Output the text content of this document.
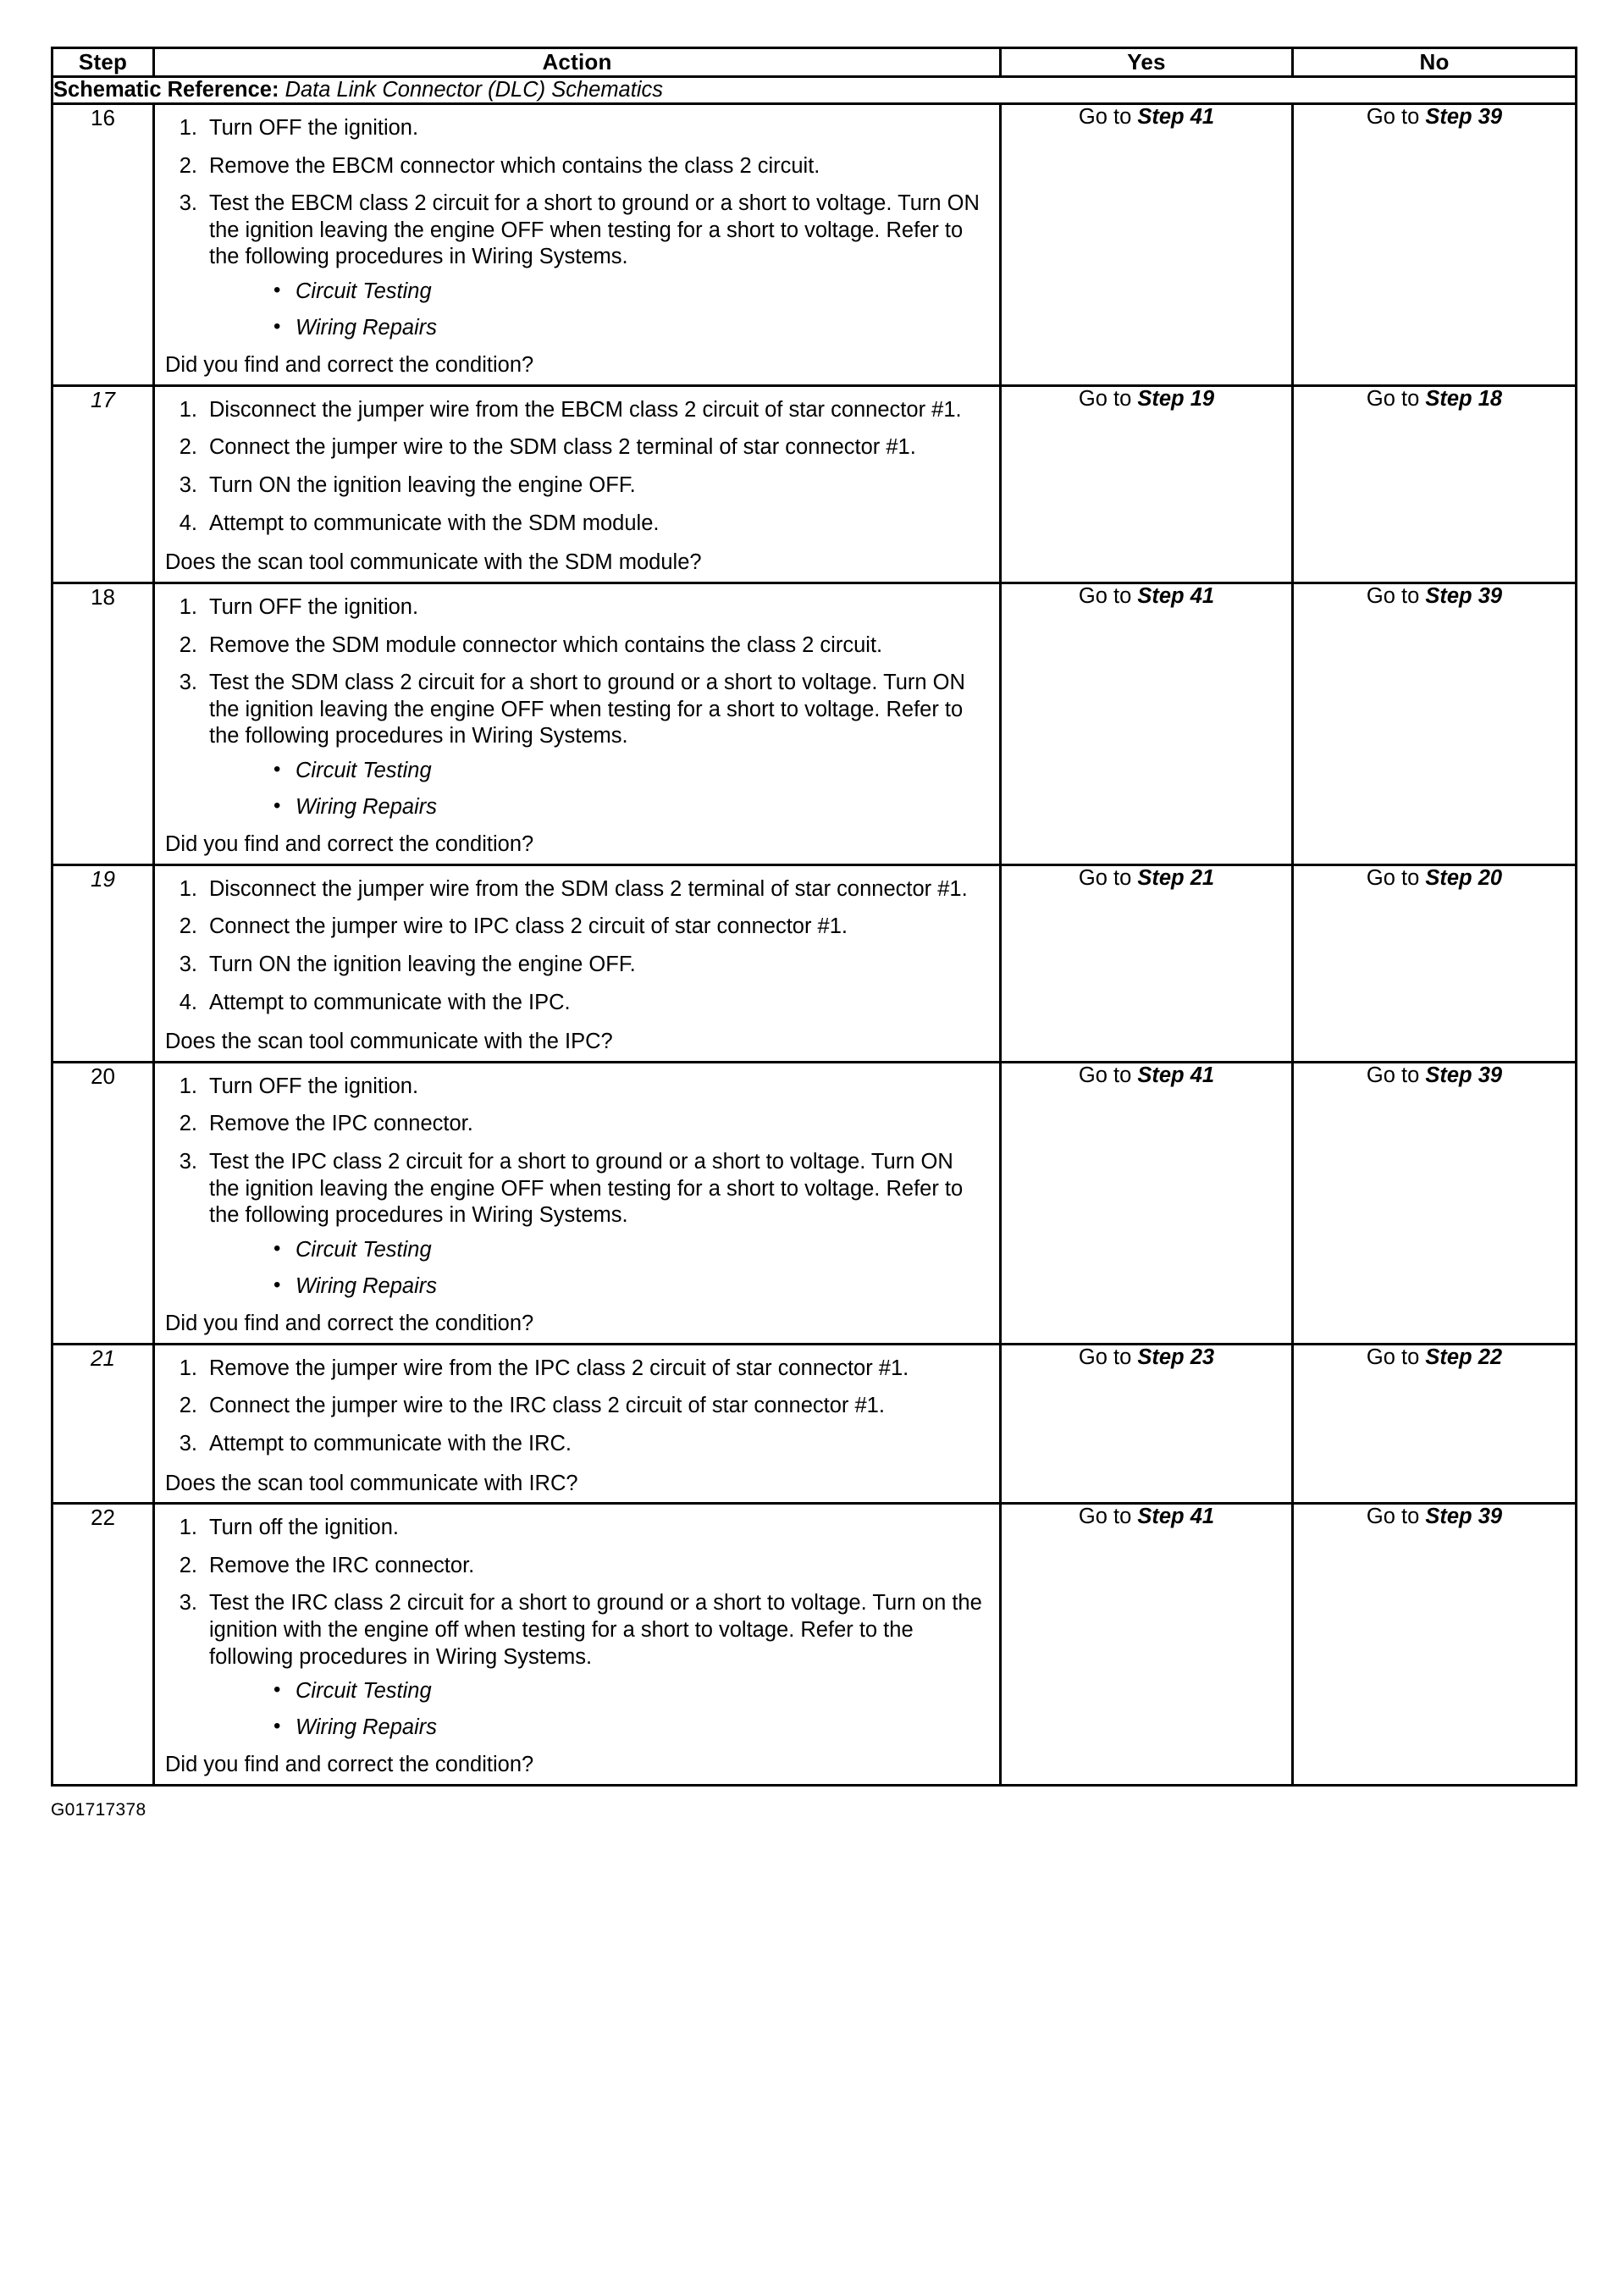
Step	Action	Yes	No
Schematic Reference: Data Link Connector (DLC) Schematics			
16	1. Turn OFF the ignition.
2. Remove the EBCM connector which contains the class 2 circuit.
3. Test the EBCM class 2 circuit for a short to ground or a short to voltage. Turn ON the ignition leaving the engine OFF when testing for a short to voltage. Refer to the following procedures in Wiring Systems.
• Circuit Testing
• Wiring Repairs
Did you find and correct the condition?

Go to Step 41	Go to Step 39

17	1. Disconnect the jumper wire from the EBCM class 2 circuit of star connector #1.
2. Connect the jumper wire to the SDM class 2 terminal of star connector #1.
3. Turn ON the ignition leaving the engine OFF.
4. Attempt to communicate with the SDM module.
Does the scan tool communicate with the SDM module?

Go to Step 19	Go to Step 18

18	1. Turn OFF the ignition.
2. Remove the SDM module connector which contains the class 2 circuit.
3. Test the SDM class 2 circuit for a short to ground or a short to voltage. Turn ON the ignition leaving the engine OFF when testing for a short to voltage. Refer to the following procedures in Wiring Systems.
• Circuit Testing
• Wiring Repairs
Did you find and correct the condition?

Go to Step 41	Go to Step 39

19	1. Disconnect the jumper wire from the SDM class 2 terminal of star connector #1.
2. Connect the jumper wire to IPC class 2 circuit of star connector #1.
3. Turn ON the ignition leaving the engine OFF.
4. Attempt to communicate with the IPC.
Does the scan tool communicate with the IPC?

Go to Step 21	Go to Step 20

20	1. Turn OFF the ignition.
2. Remove the IPC connector.
3. Test the IPC class 2 circuit for a short to ground or a short to voltage. Turn ON the ignition leaving the engine OFF when testing for a short to voltage. Refer to the following procedures in Wiring Systems.
• Circuit Testing
• Wiring Repairs
Did you find and correct the condition?

Go to Step 41	Go to Step 39

21	1. Remove the jumper wire from the IPC class 2 circuit of star connector #1.
2. Connect the jumper wire to the IRC class 2 circuit of star connector #1.
3. Attempt to communicate with the IRC.
Does the scan tool communicate with IRC?

Go to Step 23	Go to Step 22

22	1. Turn off the ignition.
2. Remove the IRC connector.
3. Test the IRC class 2 circuit for a short to ground or a short to voltage. Turn on the ignition with the engine off when testing for a short to voltage. Refer to the following procedures in Wiring Systems.
• Circuit Testing
• Wiring Repairs
Did you find and correct the condition?

Go to Step 41	Go to Step 39
G01717378
